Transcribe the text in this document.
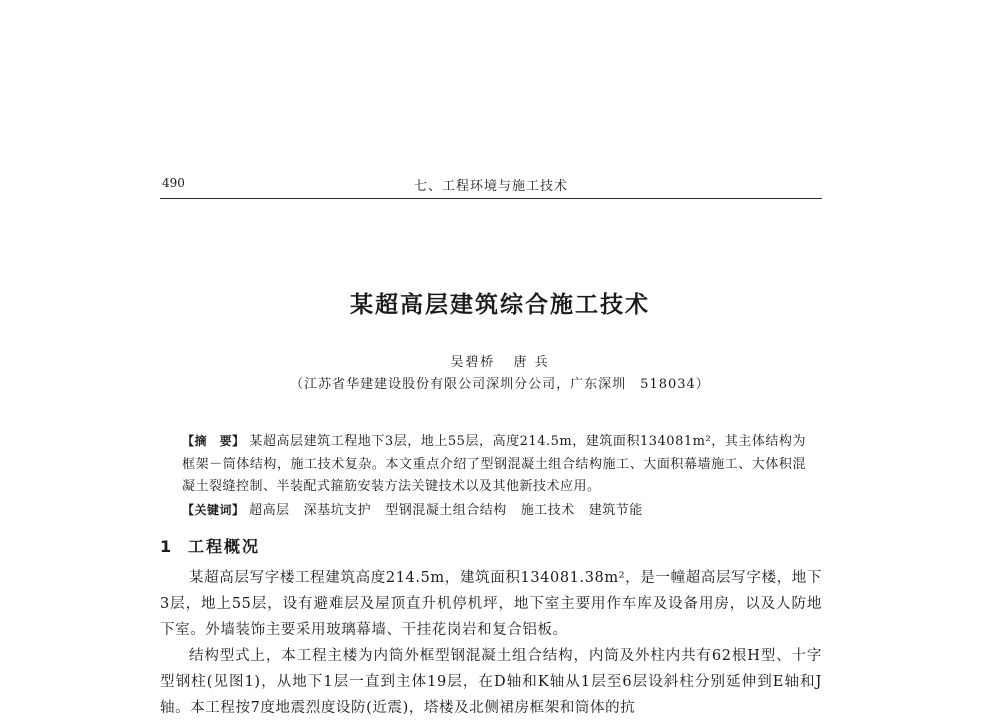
490	七、工程环境与施工技术
某超高层建筑综合施工技术
吴碧桥 唐 兵
（江苏省华建建设股份有限公司深圳分公司，广东深圳　518034）

【摘　要】 某超高层建筑工程地下3层，地上55层，高度214.5m，建筑面积134081m²，其主体结构为框架－筒体结构，施工技术复杂。本文重点介绍了型钢混凝土组合结构施工、大面积幕墙施工、大体积混凝土裂缝控制、半装配式箍筋安装方法关键技术以及其他新技术应用。

【关键词】 超高层 深基坑支护 型钢混凝土组合结构 施工技术 建筑节能

1 工程概况

某超高层写字楼工程建筑高度214.5m，建筑面积134081.38m²，是一幢超高层写字楼，地下3层，地上55层，设有避难层及屋顶直升机停机坪，地下室主要用作车库及设备用房，以及人防地下室。外墙装饰主要采用玻璃幕墙、干挂花岗岩和复合铝板。

结构型式上，本工程主楼为内筒外框型钢混凝土组合结构，内筒及外柱内共有62根H型、十字型钢柱(见图1)，从地下1层一直到主体19层，在D轴和K轴从1层至6层设斜柱分别延伸到E轴和J轴。本工程按7度地震烈度设防(近震)，塔楼及北侧裙房框架和筒体的抗
